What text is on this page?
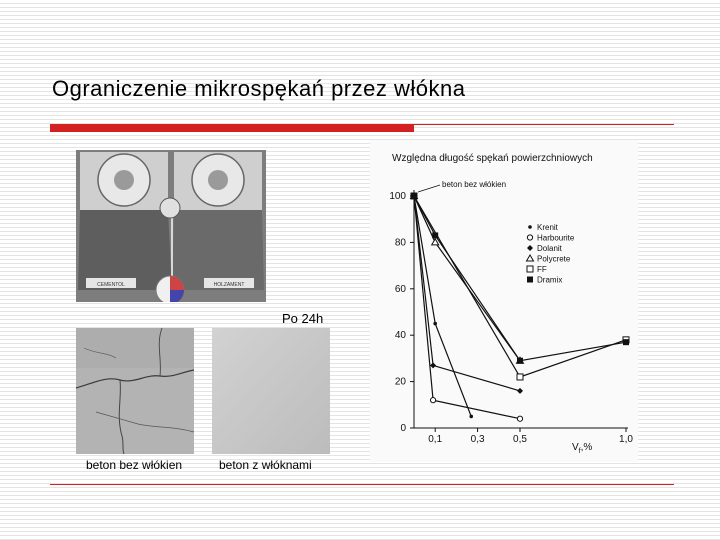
Ograniczenie mikrospękań przez włókna
CEMENTOL	HOLZAMENT
Po 24h
beton bez włókien	beton z włóknami
Względna długość spękań powierzchniowych
0
20
40
60
80
100
0,1	0,3	0,5	1,0
Krenit
Harbourite
Dolanit
Polycrete
FF
Dramix
beton bez włókien
$V_f,\%$
